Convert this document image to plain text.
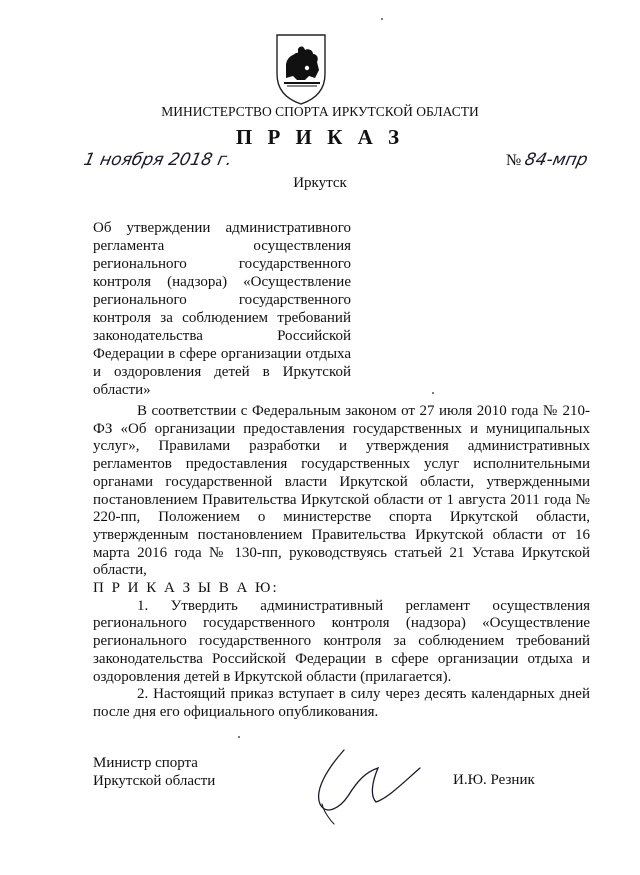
МИНИСТЕРСТВО СПОРТА ИРКУТСКОЙ ОБЛАСТИ
П Р И К А З
1 ноября 2018 г.	№ 84-мпр
Иркутск
Об утверждении административного
регламента осуществления
регионального государственного
контроля (надзора) «Осуществление
регионального государственного
контроля за соблюдением требований
законодательства Российской
Федерации в сфере организации отдыха
и оздоровления детей в Иркутской
области»

В соответствии с Федеральным законом от 27 июля 2010 года № 210-ФЗ «Об организации предоставления государственных и муниципальных услуг», Правилами разработки и утверждения административных регламентов предоставления государственных услуг исполнительными органами государственной власти Иркутской области, утвержденными постановлением Правительства Иркутской области от 1 августа 2011 года № 220-пп, Положением о министерстве спорта Иркутской области, утвержденным постановлением Правительства Иркутской области от 16 марта 2016 года № 130-пп, руководствуясь статьей 21 Устава Иркутской области,

П Р И К А З Ы В А Ю:

1. Утвердить административный регламент осуществления регионального государственного контроля (надзора) «Осуществление регионального государственного контроля за соблюдением требований законодательства Российской Федерации в сфере организации отдыха и оздоровления детей в Иркутской области (прилагается).

2. Настоящий приказ вступает в силу через десять календарных дней после дня его официального опубликования.

Министр спорта
Иркутской области	И.Ю. Резник
